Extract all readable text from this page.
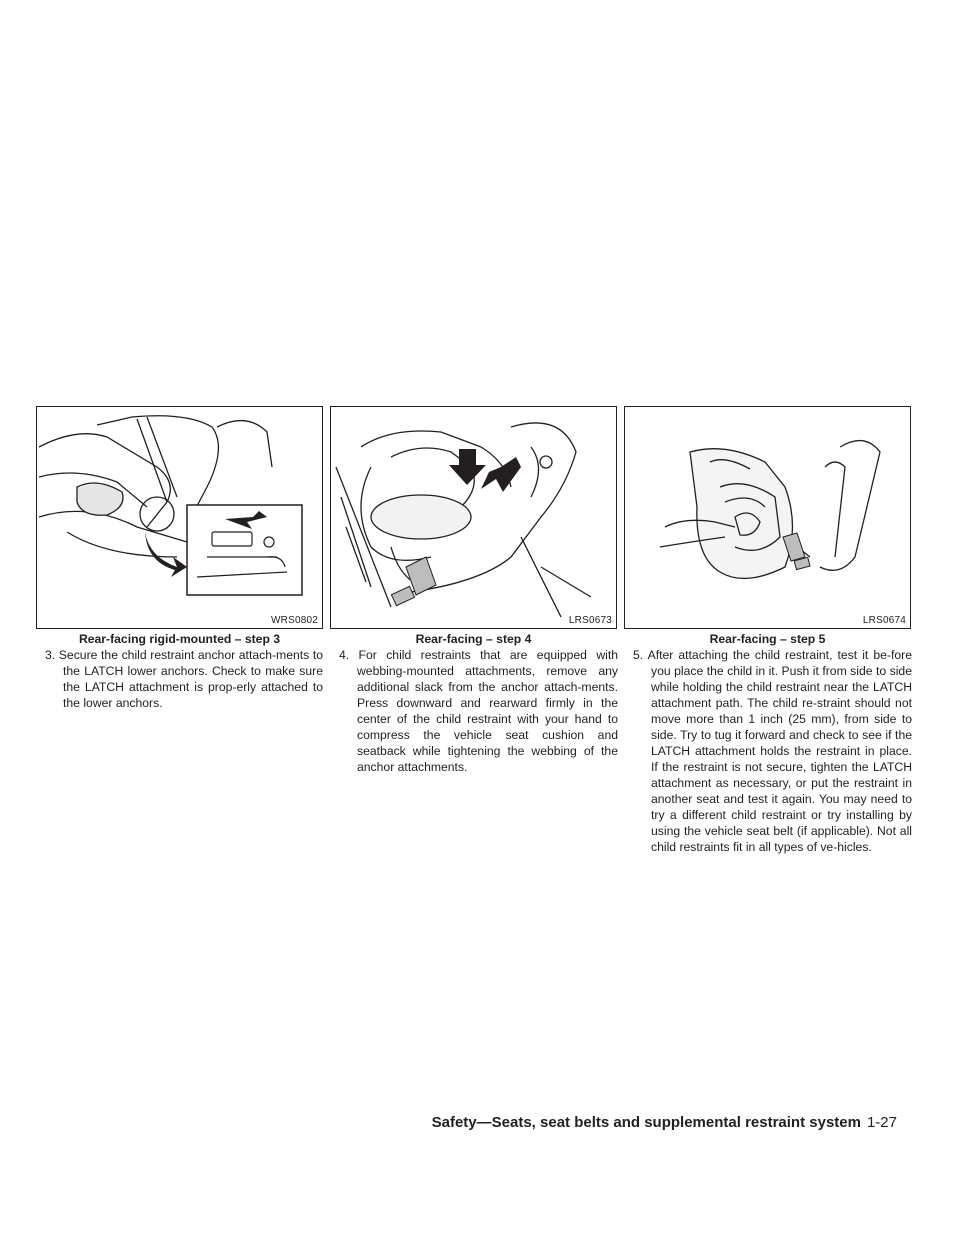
WRS0802
Rear-facing rigid-mounted – step 3
LRS0673
Rear-facing – step 4
LRS0674
Rear-facing – step 5

3. Secure the child restraint anchor attach-ments to the LATCH lower anchors. Check to make sure the LATCH attachment is prop-erly attached to the lower anchors.

4. For child restraints that are equipped with webbing-mounted attachments, remove any additional slack from the anchor attach-ments. Press downward and rearward firmly in the center of the child restraint with your hand to compress the vehicle seat cushion and seatback while tightening the webbing of the anchor attachments.

5. After attaching the child restraint, test it be-fore you place the child in it. Push it from side to side while holding the child restraint near the LATCH attachment path. The child re-straint should not move more than 1 inch (25 mm), from side to side. Try to tug it forward and check to see if the LATCH attachment holds the restraint in place. If the restraint is not secure, tighten the LATCH attachment as necessary, or put the restraint in another seat and test it again. You may need to try a different child restraint or try installing by using the vehicle seat belt (if applicable). Not all child restraints fit in all types of ve-hicles.

Safety—Seats, seat belts and supplemental restraint system 1-27
